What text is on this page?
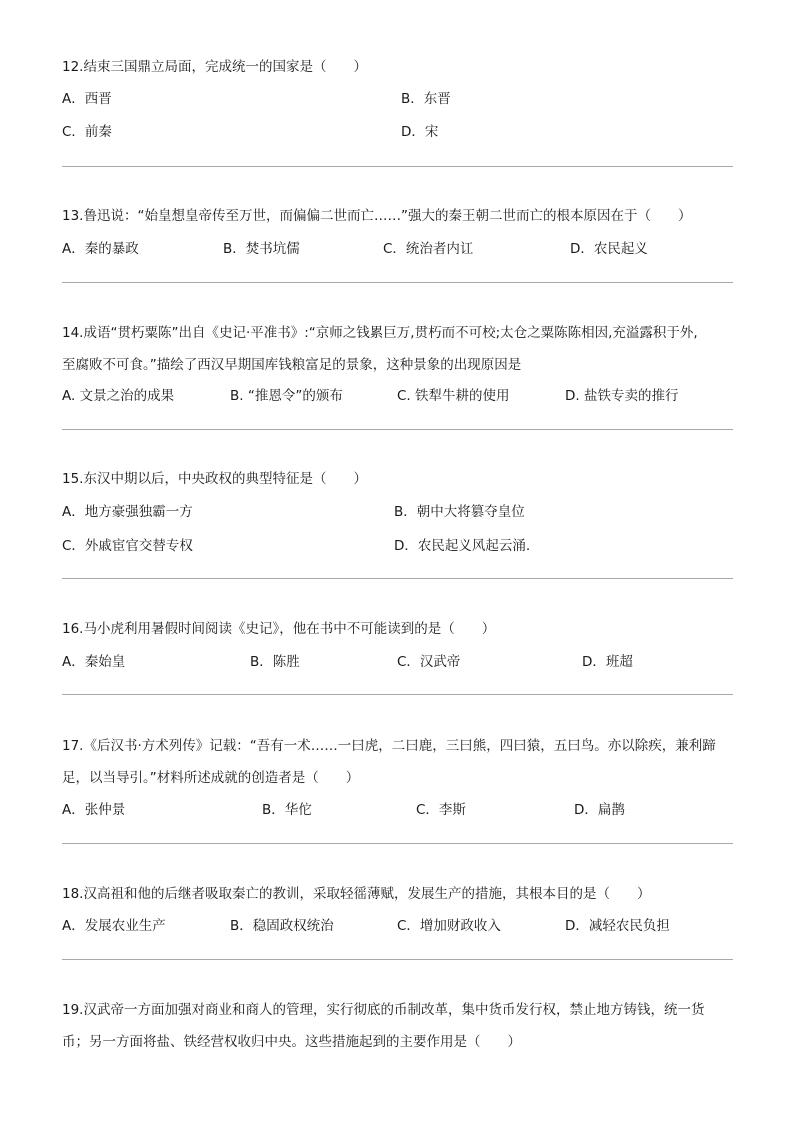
12.结束三国鼎立局面，完成统一的国家是（　　）
A．西晋	B．东晋
C．前秦	D．宋
13.鲁迅说：“始皇想皇帝传至万世，而偏偏二世而亡……”强大的秦王朝二世而亡的根本原因在于（　　）
A．秦的暴政	B．焚书坑儒	C．统治者内讧	D．农民起义
14.成语“贯朽粟陈”出自《史记·平准书》:“京师之钱累巨万,贯朽而不可校;太仓之粟陈陈相因,充溢露积于外,
至腐败不可食。”描绘了西汉早期国库钱粮富足的景象，这种景象的出现原因是
A. 文景之治的成果	B. “推恩令”的颁布	C. 铁犁牛耕的使用	D. 盐铁专卖的推行
15.东汉中期以后，中央政权的典型特征是（　　）
A．地方豪强独霸一方	B．朝中大将篡夺皇位
C．外戚宦官交替专权	D．农民起义风起云涌.
16.马小虎利用暑假时间阅读《史记》，他在书中不可能读到的是（　　）
A．秦始皇	B．陈胜	C．汉武帝	D．班超
17.《后汉书·方术列传》记载：“吾有一术……一曰虎，二曰鹿，三曰熊，四曰猿，五曰鸟。亦以除疾，兼利蹄
足，以当导引。”材料所述成就的创造者是（　　）
A．张仲景	B．华佗	C．李斯	D．扁鹊
18.汉高祖和他的后继者吸取秦亡的教训，采取轻徭薄赋，发展生产的措施，其根本目的是（　　）
A．发展农业生产	B．稳固政权统治	C．增加财政收入	D．减轻农民负担
19.汉武帝一方面加强对商业和商人的管理，实行彻底的币制改革，集中货币发行权，禁止地方铸钱，统一货
币；另一方面将盐、铁经营权收归中央。这些措施起到的主要作用是（　　）
